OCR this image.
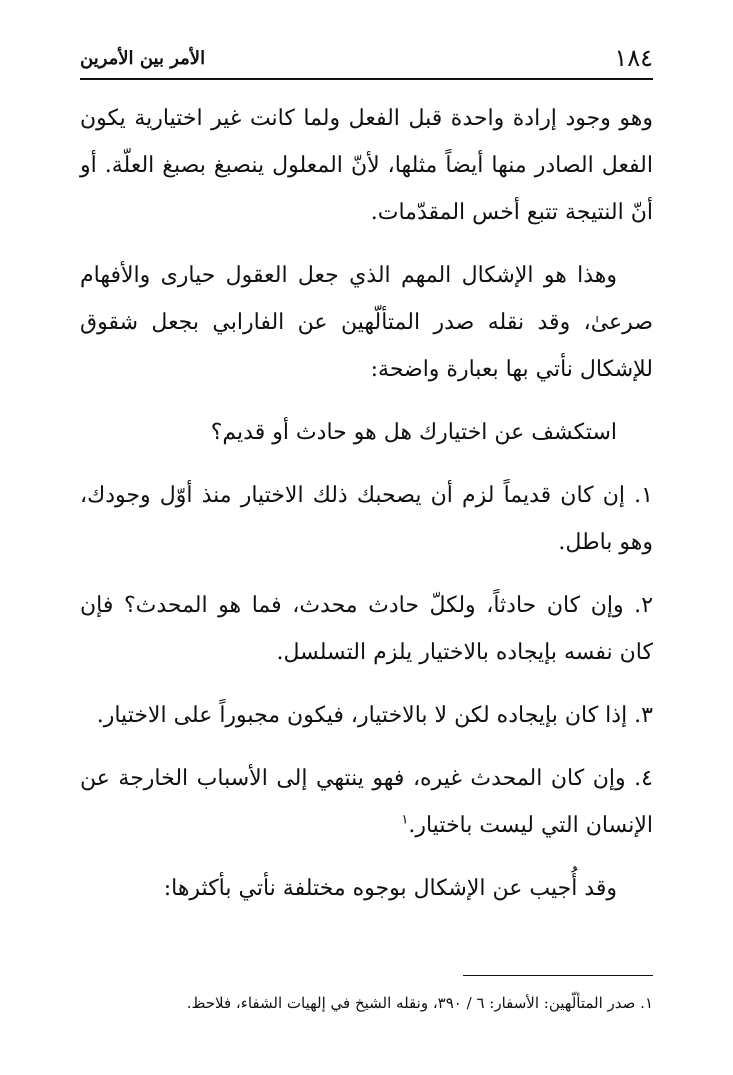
١٨٤
الأمر بين الأمرين

وهو وجود إرادة واحدة قبل الفعل ولما كانت غير اختيارية يكون الفعل الصادر منها أيضاً مثلها، لأنّ المعلول ينصبغ بصبغ العلّة. أو أنّ النتيجة تتبع أخس المقدّمات.

وهذا هو الإشكال المهم الذي جعل العقول حيارى والأفهام صرعىٰ، وقد نقله صدر المتألّهين عن الفارابي بجعل شقوق للإشكال نأتي بها بعبارة واضحة:

استكشف عن اختيارك هل هو حادث أو قديم؟

١. إن كان قديماً لزم أن يصحبك ذلك الاختيار منذ أوّل وجودك، وهو باطل.

٢. وإن كان حادثاً، ولكلّ حادث محدث، فما هو المحدث؟ فإن كان نفسه بإيجاده بالاختيار يلزم التسلسل.

٣. إذا كان بإيجاده لكن لا بالاختيار، فيكون مجبوراً على الاختيار.

٤. وإن كان المحدث غيره، فهو ينتهي إلى الأسباب الخارجة عن الإنسان التي ليست باختيار.$^١$

وقد أُجيب عن الإشكال بوجوه مختلفة نأتي بأكثرها:

١. صدر المتألّهين: الأسفار: ٦ / ٣٩٠، ونقله الشيخ في إلهيات الشفاء، فلاحظ.
